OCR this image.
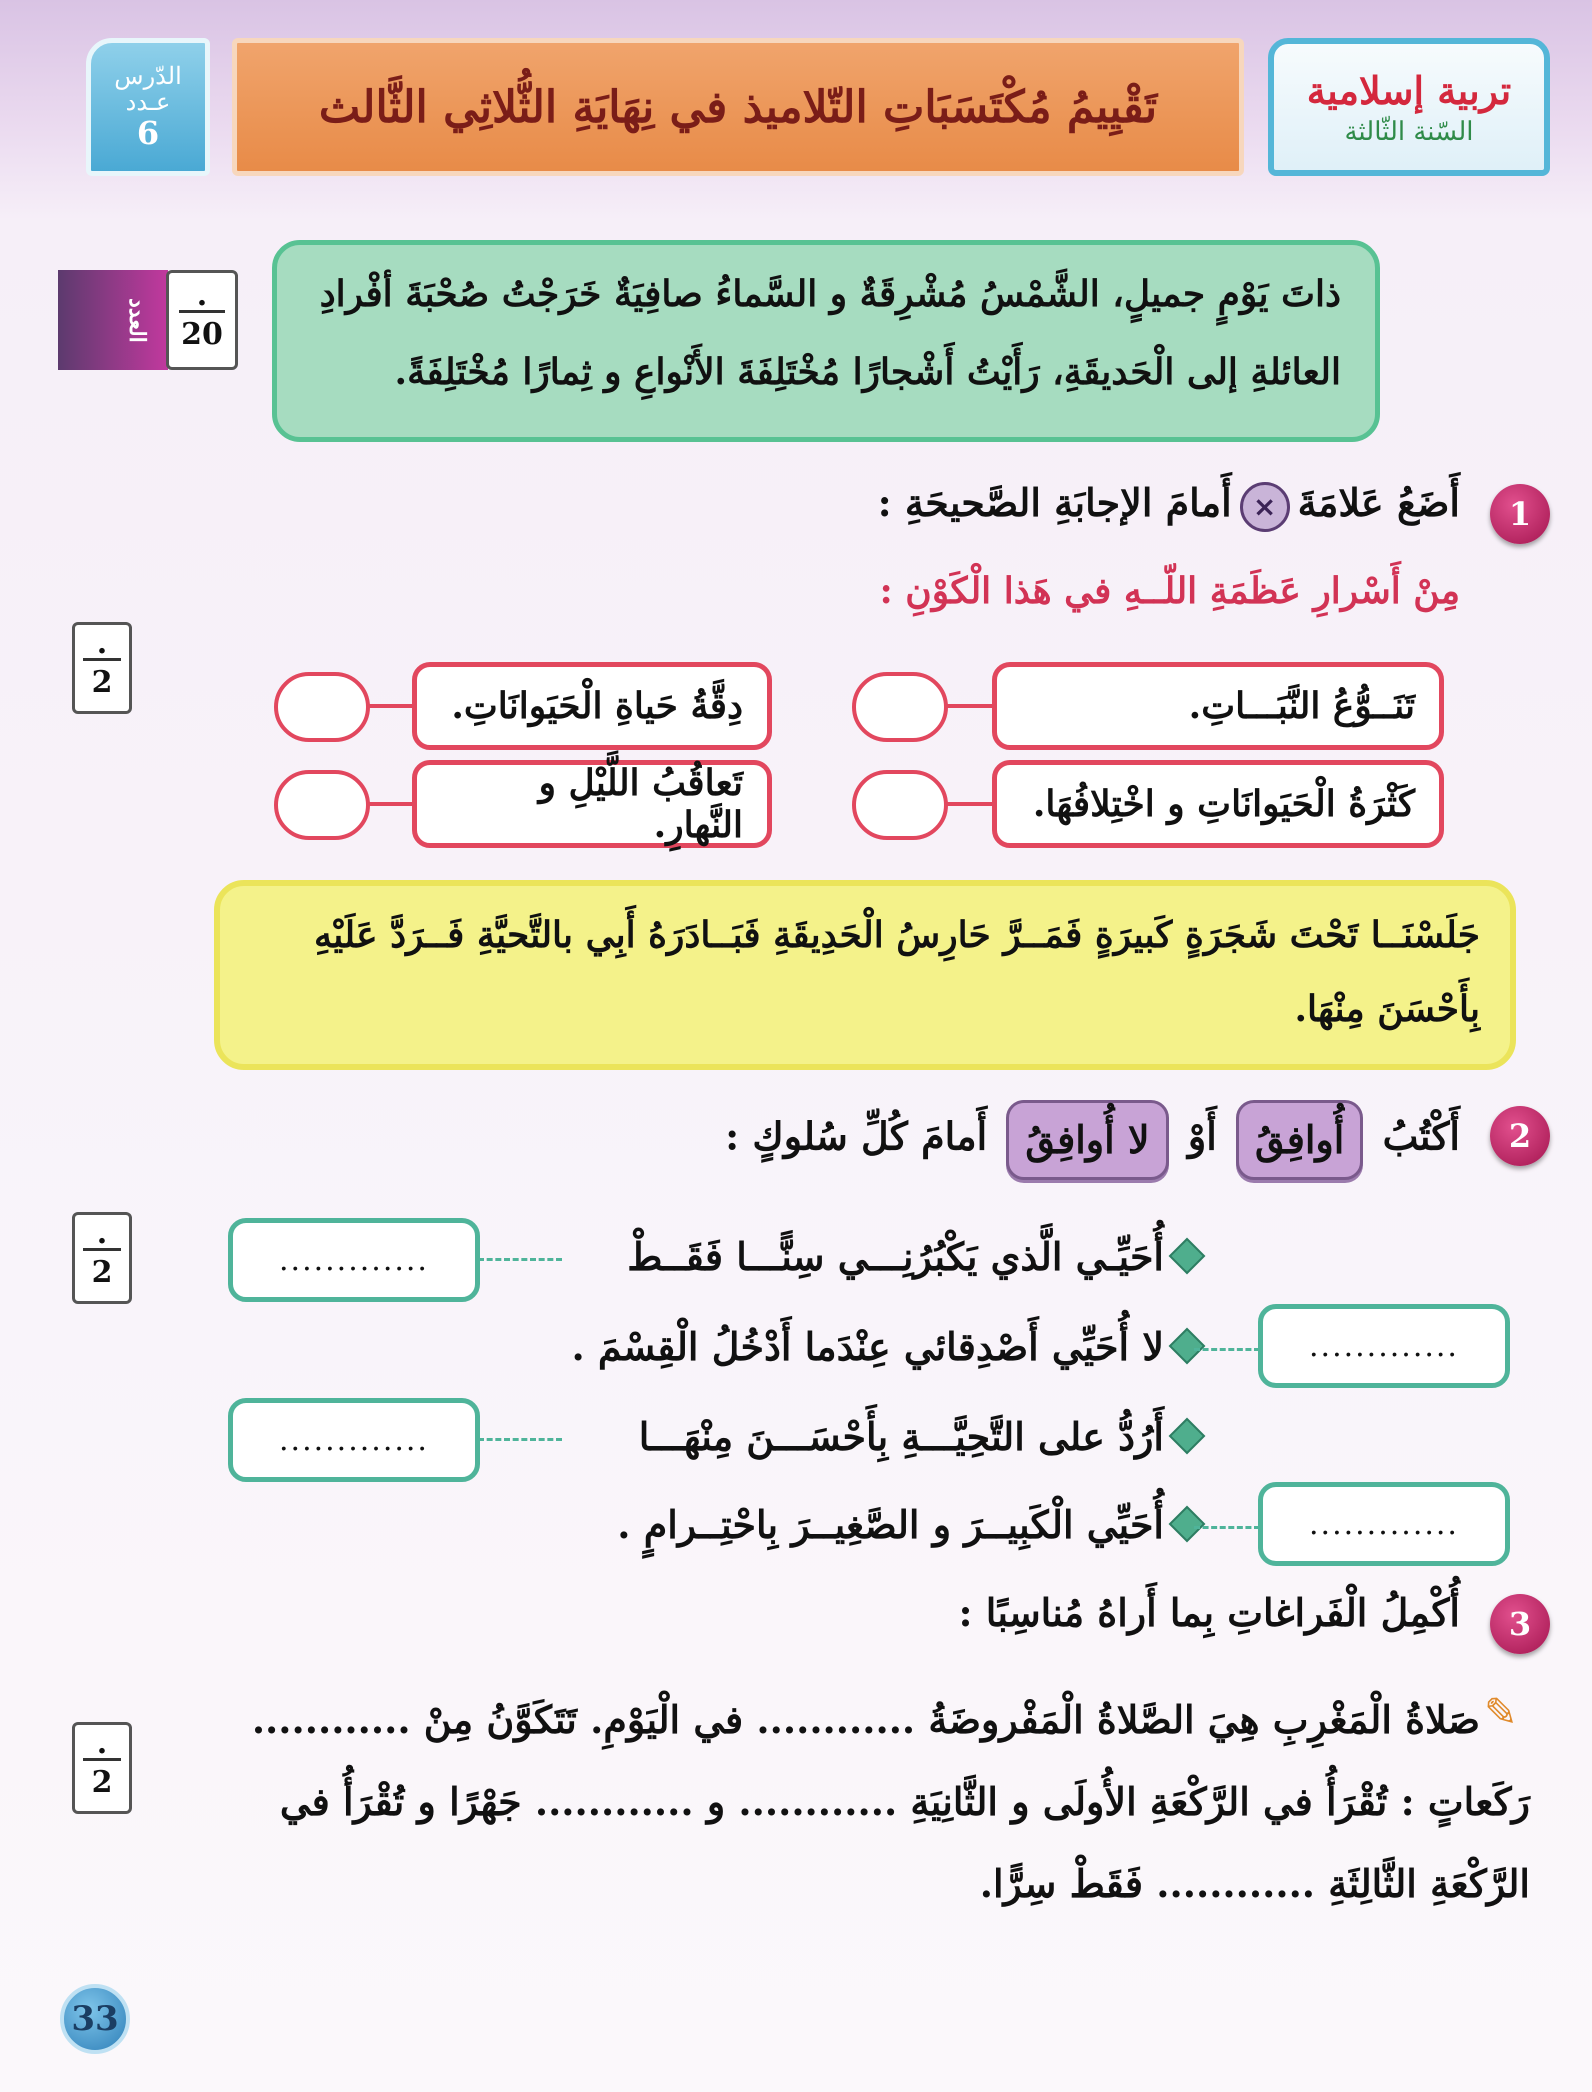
تربية إسلامية
السّنة الثّالثة
تَقْيِيمُ مُكْتَسَبَاتِ التّلاميذ في نِهَايَةِ الثُّلاثِي الثَّالث
الدّرس
عـدد
6
العدد
.
20
ذاتَ يَوْمٍ جميلٍ، الشَّمْسُ مُشْرِقَةٌ و السَّماءُ صافِيَةٌ خَرَجْتُ صُحْبَةَ أفْرادِ العائلةِ إلى الْحَديقَةِ، رَأَيْتُ أَشْجارًا مُخْتَلِفَةَ الأَنْواعِ و ثِمارًا مُخْتَلِفَةً.
1
أَضَعُ عَلامَةَ×أَمامَ الإجابَةِ الصَّحيحَةِ :
مِنْ أَسْرارِ عَظَمَةِ اللّــهِ في هَذا الْكَوْنِ :
.
2
تَنَــوُّعُ النَّبَـــاتِ.
دِقَّةُ حَياةِ الْحَيَوانَاتِ.
كَثْرَةُ الْحَيَوانَاتِ و اخْتِلافُهَا.
تَعاقُبُ اللَّيْلِ و النَّهارِ.
جَلَسْنَــا تَحْتَ شَجَرَةٍ كَبيرَةٍ فَمَــرَّ حَارِسُ الْحَدِيقَةِ فَبَــادَرَهُ أَبِي بالتَّحيَّةِ فَــرَدَّ عَلَيْهِ بِأَحْسَنَ مِنْهَا.
2
أَكْتُبُ أُوافِقُ أَوْ لا أُوافِقُ أَمامَ كُلِّ سُلوكٍ :
.
2	أُحَيِّـي الَّذي يَكْبُرُنِـــي سِنًّـــا فَقَــطْ
.............
لا أُحَيِّي أَصْدِقائي عِنْدَما أَدْخُلُ الْقِسْمَ .	.............
أَرُدُّ على التَّحِيَّـــةِ بِأَحْسَـــنَ مِنْهَـــا
.............
أُحَيِّي الْكَبِيــرَ و الصَّغِيــرَ بِاحْتِــرامٍ .	.............
3
أُكْمِلُ الْفَراغاتِ بِما أَراهُ مُناسِبًا :
.
2
✎
صَلاةُ الْمَغْرِبِ هِيَ الصَّلاةُ الْمَفْروضَةُ ............ في الْيَوْمِ. تَتَكَوَّنُ مِنْ ............
رَكَعاتٍ : تُقْرَأُ في الرَّكْعَةِ الأُولَى و الثَّانِيَةِ ............ و ............ جَهْرًا و تُقْرَأُ في
الرَّكْعَةِ الثَّالِثَةِ ............ فَقَطْ سِرًّا.
33
